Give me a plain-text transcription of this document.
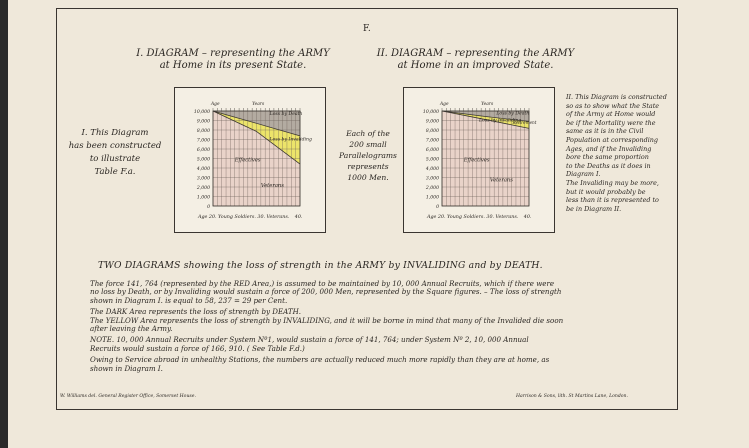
F.
I. DIAGRAM – representing the ARMY
at Home in its present State.
II. DIAGRAM – representing the ARMY
at Home in an improved State.
I. This Diagram
has been constructed
to illustrate
Table F.a.
Each of the
200 small
Parallelograms
represents
1000 Men.
II. This Diagram is constructed
so as to show what the State
of the Army at Home would
be if the Mortality were the
same as it is in the Civil
Population at corresponding
Ages, and if the Invaliding
bore the same proportion
to the Deaths as it does in
Diagram I.
The Invaliding may be more,
but it would probably be
less than it is represented to
be in Diagram II.
0
1,000
2,000
3,000
4,000
5,000
6,000
7,000
8,000
9,000
10,000
Age	Years
Age 20. Young Soldiers. 30. Veterans. 40.
Effectives
Veterans
Loss by Death
Loss by Invaliding
0
1,000
2,000
3,000
4,000
5,000
6,000
7,000
8,000
9,000
10,000
Age	Years
Age 20. Young Soldiers. 30. Veterans. 40.
Effectives
Veterans
Loss by Death
Loss by Invaliding
Retirement
TWO DIAGRAMS showing the loss of strength in the ARMY by INVALIDING and by DEATH.
The force 141, 764 (represented by the RED Area,) is assumed to be maintained by 10, 000 Annual Recruits, which if there were
no loss by Death, or by Invaliding would sustain a force of 200, 000 Men, represented by the Square figures. – The loss of strength
shown in Diagram I. is equal to 58, 237 = 29 per Cent.
The DARK Area represents the loss of strength by DEATH.
The YELLOW Area represents the loss of strength by INVALIDING, and it will be borne in mind that many of the Invalided die soon
after leaving the Army.
NOTE. 10, 000 Annual Recruits under System Nº1, would sustain a force of 141, 764; under System Nº 2, 10, 000 Annual
Recruits would sustain a force of 166, 910. ( See Table F.d.)
Owing to Service abroad in unhealthy Stations, the numbers are actually reduced much more rapidly than they are at home, as
shown in Diagram I.
W. Williams del. General Register Office, Somerset House.	Harrison & Sons, lith. St Martins Lane, London.
